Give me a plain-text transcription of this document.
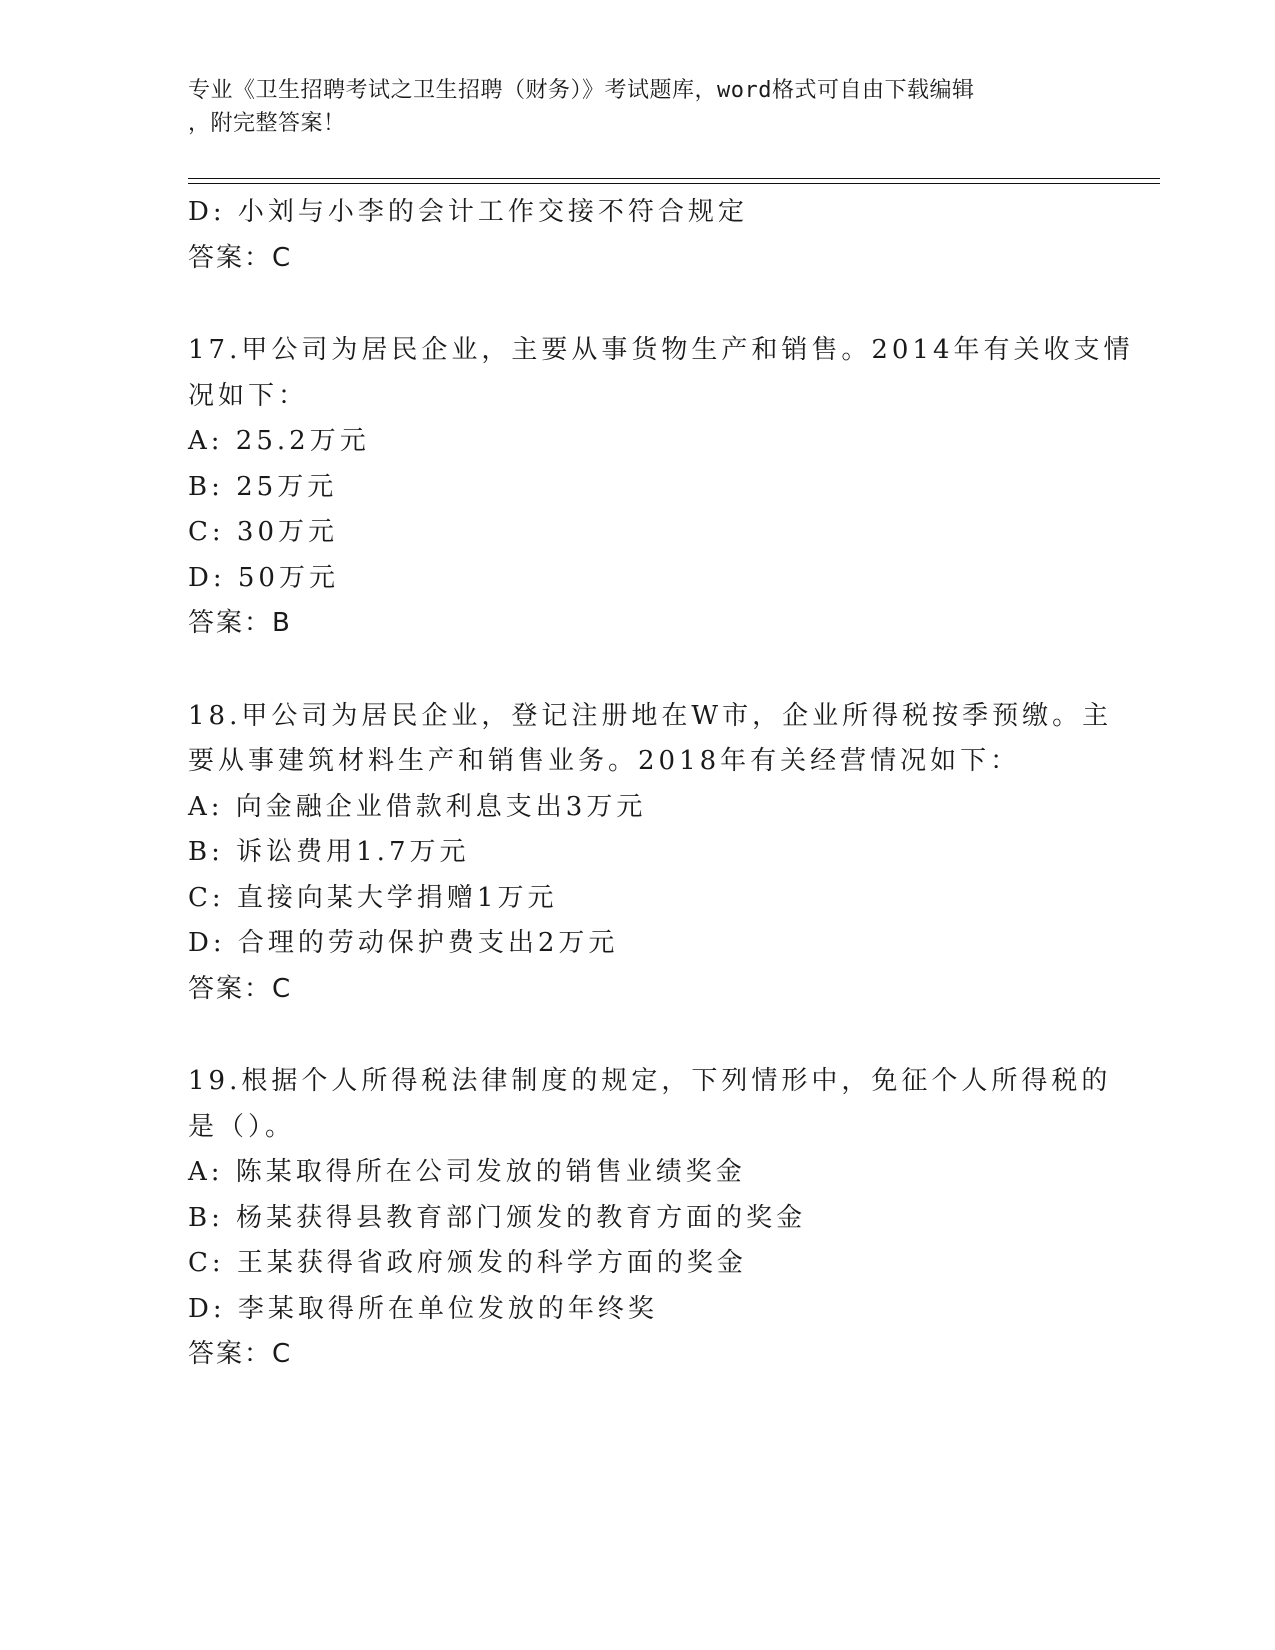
专业《卫生招聘考试之卫生招聘（财务）》考试题库，word格式可自由下载编辑
，附完整答案！
D: 小刘与小李的会计工作交接不符合规定
答案：C
17.甲公司为居民企业，主要从事货物生产和销售。2014年有关收支情
况如下：
A: 25.2万元
B: 25万元
C: 30万元
D: 50万元
答案：B
18.甲公司为居民企业，登记注册地在W市，企业所得税按季预缴。主
要从事建筑材料生产和销售业务。2018年有关经营情况如下：
A: 向金融企业借款利息支出3万元
B: 诉讼费用1.7万元
C: 直接向某大学捐赠1万元
D: 合理的劳动保护费支出2万元
答案：C
19.根据个人所得税法律制度的规定，下列情形中，免征个人所得税的
是（）。
A: 陈某取得所在公司发放的销售业绩奖金
B: 杨某获得县教育部门颁发的教育方面的奖金
C: 王某获得省政府颁发的科学方面的奖金
D: 李某取得所在单位发放的年终奖
答案：C
